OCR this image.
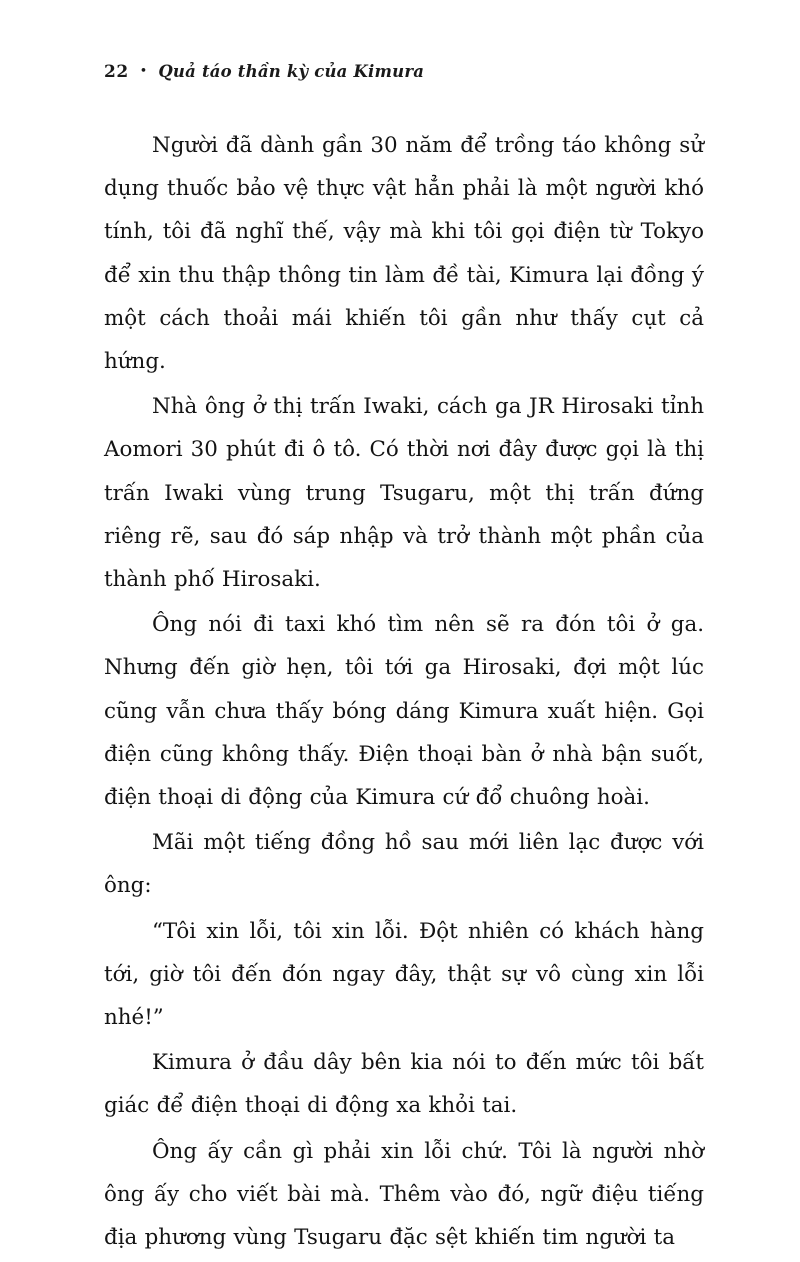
22 • Quả táo thần kỳ của Kimura

Người đã dành gần 30 năm để trồng táo không sử dụng thuốc bảo vệ thực vật hẳn phải là một người khó tính, tôi đã nghĩ thế, vậy mà khi tôi gọi điện từ Tokyo để xin thu thập thông tin làm đề tài, Kimura lại đồng ý một cách thoải mái khiến tôi gần như thấy cụt cả hứng.

Nhà ông ở thị trấn Iwaki, cách ga JR Hirosaki tỉnh Aomori 30 phút đi ô tô. Có thời nơi đây được gọi là thị trấn Iwaki vùng trung Tsugaru, một thị trấn đứng riêng rẽ, sau đó sáp nhập và trở thành một phần của thành phố Hirosaki.

Ông nói đi taxi khó tìm nên sẽ ra đón tôi ở ga. Nhưng đến giờ hẹn, tôi tới ga Hirosaki, đợi một lúc cũng vẫn chưa thấy bóng dáng Kimura xuất hiện. Gọi điện cũng không thấy. Điện thoại bàn ở nhà bận suốt, điện thoại di động của Kimura cứ đổ chuông hoài.

Mãi một tiếng đồng hồ sau mới liên lạc được với ông:

“Tôi xin lỗi, tôi xin lỗi. Đột nhiên có khách hàng tới, giờ tôi đến đón ngay đây, thật sự vô cùng xin lỗi nhé!”

Kimura ở đầu dây bên kia nói to đến mức tôi bất giác để điện thoại di động xa khỏi tai.

Ông ấy cần gì phải xin lỗi chứ. Tôi là người nhờ ông ấy cho viết bài mà. Thêm vào đó, ngữ điệu tiếng địa phương vùng Tsugaru đặc sệt khiến tim người ta
